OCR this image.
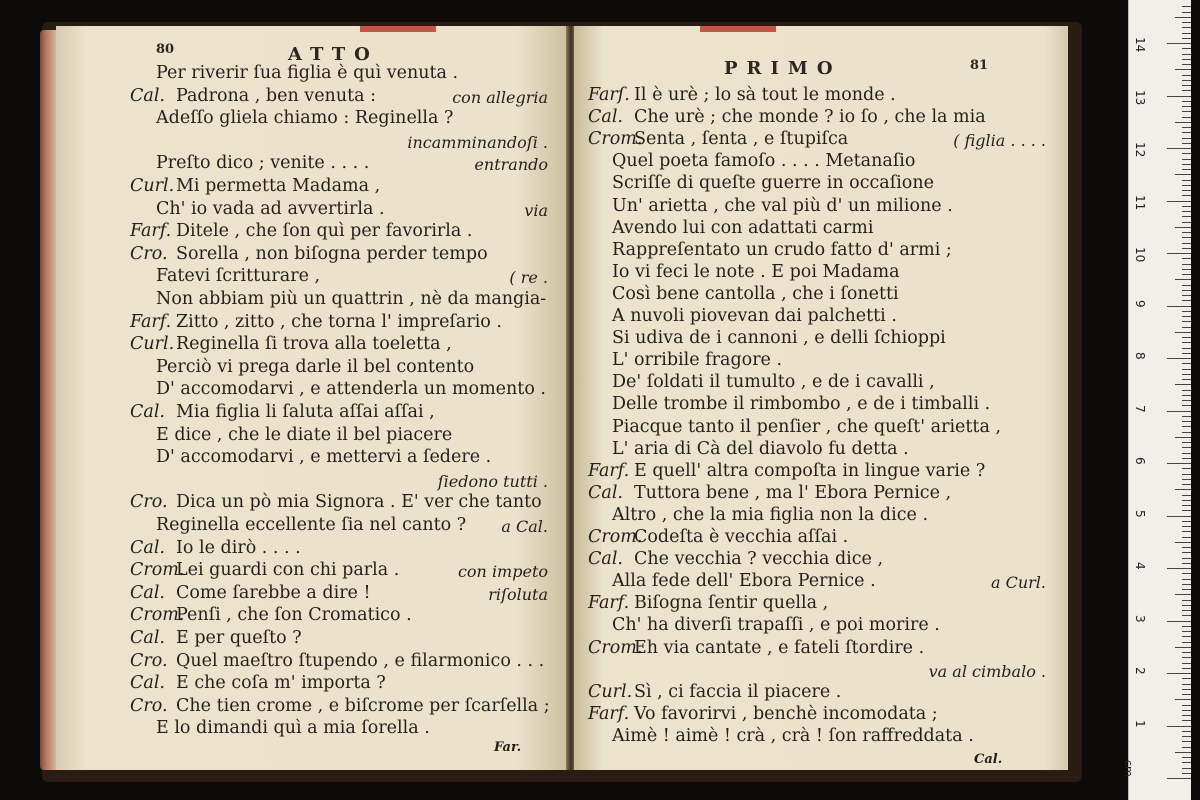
80	ATTO
Far.
Per riverir ſua figlia è quì venuta .
Cal. Padrona , ben venuta :	con allegria
Adeſſo gliela chiamo : Reginella ?
incamminandoſi .
Preſto dico ; venite . . . .	entrando
Curl. Mi permetta Madama ,
Ch' io vada ad avvertirla .	via
Farf. Ditele , che ſon quì per favorirla .
Cro. Sorella , non biſogna perder tempo
Fatevi ſcritturare ,	( re .
Non abbiam più un quattrin , nè da mangia-
Farf. Zitto , zitto , che torna l' impreſario .
Curl. Reginella ſi trova alla toeletta ,
Perciò vi prega darle il bel contento
D' accomodarvi , e attenderla un momento .
Cal. Mia figlia li ſaluta aſſai aſſai ,
E dice , che le diate il bel piacere
D' accomodarvi , e mettervi a ſedere .
ſiedono tutti .
Cro. Dica un pò mia Signora . E' ver che tanto
Reginella eccellente ſia nel canto ? a Cal.
Cal. Io le dirò . . . .
Crom.
Lei guardi con chi parla .	con impeto
Cal. Come ſarebbe a dire !	riſoluta
Crom.
Penſi , che ſon Cromatico .
Cal. E per queſto ?
Cro. Quel maeſtro ſtupendo , e filarmonico . . .
Cal. E che coſa m' importa ?
Cro. Che tien crome , e biſcrome per ſcarſella ;
E lo dimandi quì a mia ſorella .
PRIMO	81
Cal.
Farſ. Il è urè ; lo sà tout le monde .
Cal. Che urè ; che monde ? io ſo , che la mia
Crom.
Senta , ſenta , e ſtupiſca	( figlia . . . .
Quel poeta famoſo . . . . Metanaſio
Scriſſe di queſte guerre in occaſione
Un' arietta , che val più d' un milione .
Avendo lui con adattati carmi
Rappreſentato un crudo fatto d' armi ;
Io vi feci le note . E poi Madama
Così bene cantolla , che i ſonetti
A nuvoli piovevan dai palchetti .
Si udiva de i cannoni , e delli ſchioppi
L' orribile fragore .
De' ſoldati il tumulto , e de i cavalli ,
Delle trombe il rimbombo , e de i timballi .
Piacque tanto il penſier , che queſt' arietta ,
L' aria di Cà del diavolo fu detta .
Farf. E quell' altra compoſta in lingue varie ?
Cal. Tuttora bene , ma l' Ebora Pernice ,
Altro , che la mia figlia non la dice .
Crom.
Codeſta è vecchia aſſai .
Cal. Che vecchia ? vecchia dice ,
Alla fede dell' Ebora Pernice .	a Curl.
Farf. Biſogna ſentir quella ,
Ch' ha diverſi trapaſſi , e poi morire .
Crom.
Eh via cantate , e fateli ſtordire .
va al cimbalo .
Curl. Sì , ci faccia il piacere .
Farf. Vo favorirvi , benchè incomodata ;
Aimè ! aimè ! crà , crà ! ſon raffreddata .
cm
1
2
3
4
5
6
7
8
9
10
11
12
13
14
